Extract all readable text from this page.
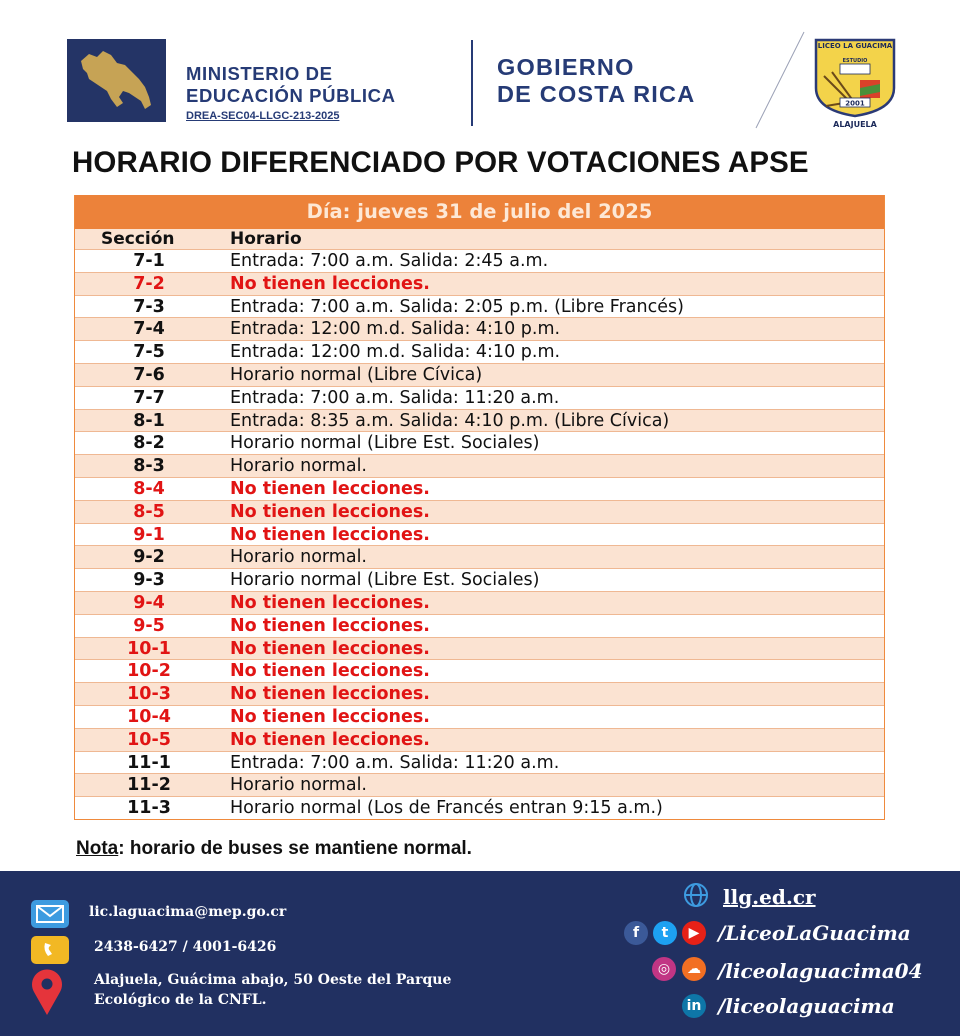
MINISTERIO DE
EDUCACIÓN PÚBLICA
DREA-SEC04-LLGC-213-2025
GOBIERNO
DE COSTA RICA
LICEO LA GUACIMA
ESTUDIO
2001
ALAJUELA
HORARIO DIFERENCIADO POR VOTACIONES APSE
Día: jueves 31 de julio del 2025
Sección	Horario
7-1	Entrada: 7:00 a.m. Salida: 2:45 a.m.
7-2	No tienen lecciones.
7-3	Entrada: 7:00 a.m. Salida: 2:05 p.m. (Libre Francés)
7-4	Entrada: 12:00 m.d. Salida: 4:10 p.m.
7-5	Entrada: 12:00 m.d. Salida: 4:10 p.m.
7-6	Horario normal (Libre Cívica)
7-7	Entrada: 7:00 a.m. Salida: 11:20 a.m.
8-1	Entrada: 8:35 a.m. Salida: 4:10 p.m. (Libre Cívica)
8-2	Horario normal (Libre Est. Sociales)
8-3	Horario normal.
8-4	No tienen lecciones.
8-5	No tienen lecciones.
9-1	No tienen lecciones.
9-2	Horario normal.
9-3	Horario normal (Libre Est. Sociales)
9-4	No tienen lecciones.
9-5	No tienen lecciones.
10-1	No tienen lecciones.
10-2	No tienen lecciones.
10-3	No tienen lecciones.
10-4	No tienen lecciones.
10-5	No tienen lecciones.
11-1	Entrada: 7:00 a.m. Salida: 11:20 a.m.
11-2	Horario normal.
11-3	Horario normal (Los de Francés entran 9:15 a.m.)
Nota: horario de buses se mantiene normal.
lic.laguacima@mep.go.cr
2438-6427 / 4001-6426
Alajuela, Guácima abajo, 50 Oeste del Parque
Ecológico de la CNFL.
llg.ed.cr
f	t	▶ /LiceoLaGuacima
◎	☁ /liceolaguacima04
in /liceolaguacima
